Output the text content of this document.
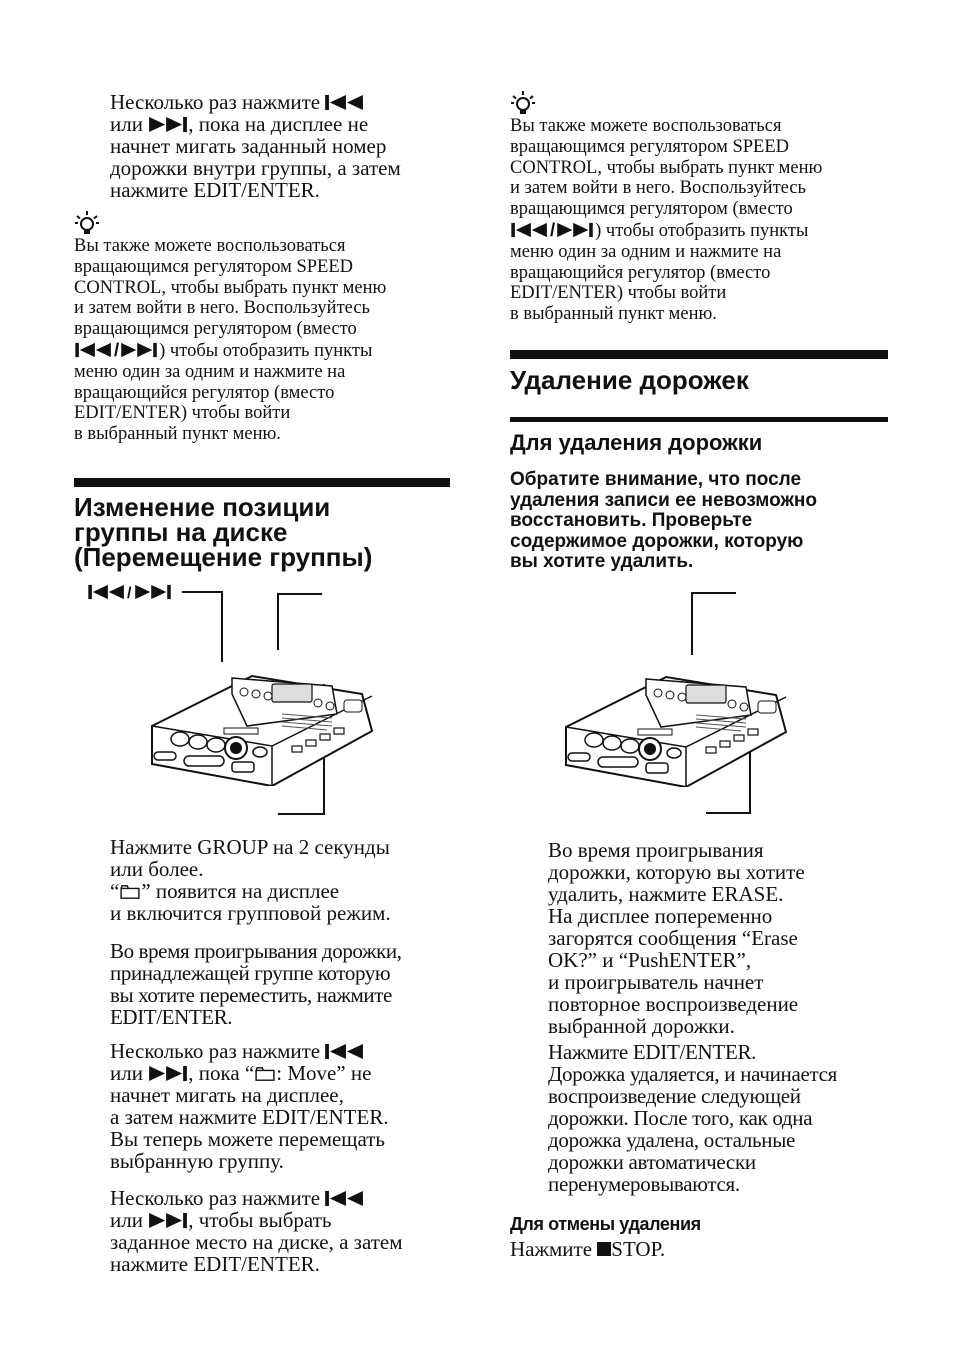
Несколько раз нажмите
или , пока на дисплее не
начнет мигать заданный номер
дорожки внутри группы, а затем
нажмите EDIT/ENTER.
Вы также можете воспользоваться
вращающимся регулятором SPEED
CONTROL, чтобы выбрать пункт меню
и затем войти в него. Воспользуйтесь
вращающимся регулятором (вместо
/ ) чтобы отобразить пункты
меню один за одним и нажмите на
вращающийся регулятор (вместо
EDIT/ENTER) чтобы войти
в выбранный пункт меню.
Изменение позиции
группы на диске
(Перемещение группы)
/
Нажмите GROUP на 2 секунды
или более.
“ ” появится на дисплее
и включится групповой режим.
Во время проигрывания дорожки,
принадлежащей группе которую
вы хотите переместить, нажмите
EDIT/ENTER.
Несколько раз нажмите
или , пока “ : Move” не
начнет мигать на дисплее,
а затем нажмите EDIT/ENTER.
Вы теперь можете перемещать
выбранную группу.
Несколько раз нажмите
или , чтобы выбрать
заданное место на диске, а затем
нажмите EDIT/ENTER.
Вы также можете воспользоваться
вращающимся регулятором SPEED
CONTROL, чтобы выбрать пункт меню
и затем войти в него. Воспользуйтесь
вращающимся регулятором (вместо
/ ) чтобы отобразить пункты
меню один за одним и нажмите на
вращающийся регулятор (вместо
EDIT/ENTER) чтобы войти
в выбранный пункт меню.
Удаление дорожек
Для удаления дорожки
Обратите внимание, что после
удаления записи ее невозможно
восстановить. Проверьте
содержимое дорожки, которую
вы хотите удалить.
Во время проигрывания
дорожки, которую вы хотите
удалить, нажмите ERASE.
На дисплее попеременно
загорятся сообщения “Erase
OK?” и “PushENTER”,
и проигрыватель начнет
повторное воспроизведение
выбранной дорожки.
Нажмите EDIT/ENTER.
Дорожка удаляется, и начинается
воспроизведение следующей
дорожки. После того, как одна
дорожка удалена, остальные
дорожки автоматически
перенумеровываются.
Для отмены удаления
Нажмите STOP.
